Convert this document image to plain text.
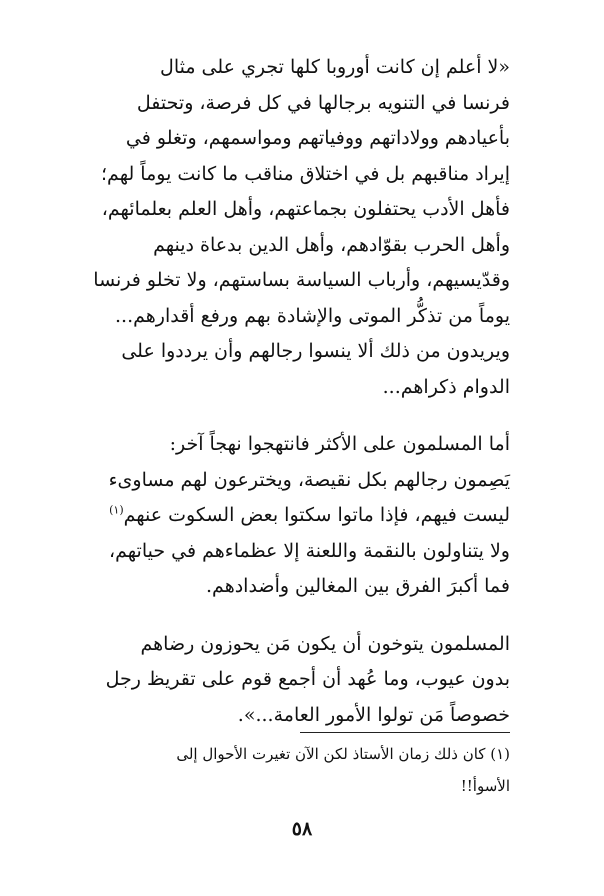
«لا أعلم إن كانت أوروبا كلها تجري على مثال
فرنسا في التنويه برجالها في كل فرصة، وتحتفل
بأعيادهم وولاداتهم ووفياتهم ومواسمهم، وتغلو في
إيراد مناقبهم بل في اختلاق مناقب ما كانت يوماً لهم؛
فأهل الأدب يحتفلون بجماعتهم، وأهل العلم بعلمائهم،
وأهل الحرب بقوّادهم، وأهل الدين بدعاة دينهم
وقدّيسيهم، وأرباب السياسة بساستهم، ولا تخلو فرنسا
يوماً من تذكُّر الموتى والإشادة بهم ورفع أقدارهم...
ويريدون من ذلك ألا ينسوا رجالهم وأن يرددوا على
الدوام ذكراهم...

أما المسلمون على الأكثر فانتهجوا نهجاً آخر:
يَصِمون رجالهم بكل نقيصة، ويخترعون لهم مساوىء
ليست فيهم، فإذا ماتوا سكتوا بعض السكوت عنهم$^{(١)}$
ولا يتناولون بالنقمة واللعنة إلا عظماءهم في حياتهم،
فما أكبرَ الفرق بين المغالين وأضدادهم.

المسلمون يتوخون أن يكون مَن يحوزون رضاهم
بدون عيوب، وما عُهد أن أجمع قوم على تقريظ رجل
خصوصاً مَن تولوا الأمور العامة...».

(١) كان ذلك زمان الأستاذ لكن الآن تغيرت الأحوال إلى
الأسوأ!!
٥٨
